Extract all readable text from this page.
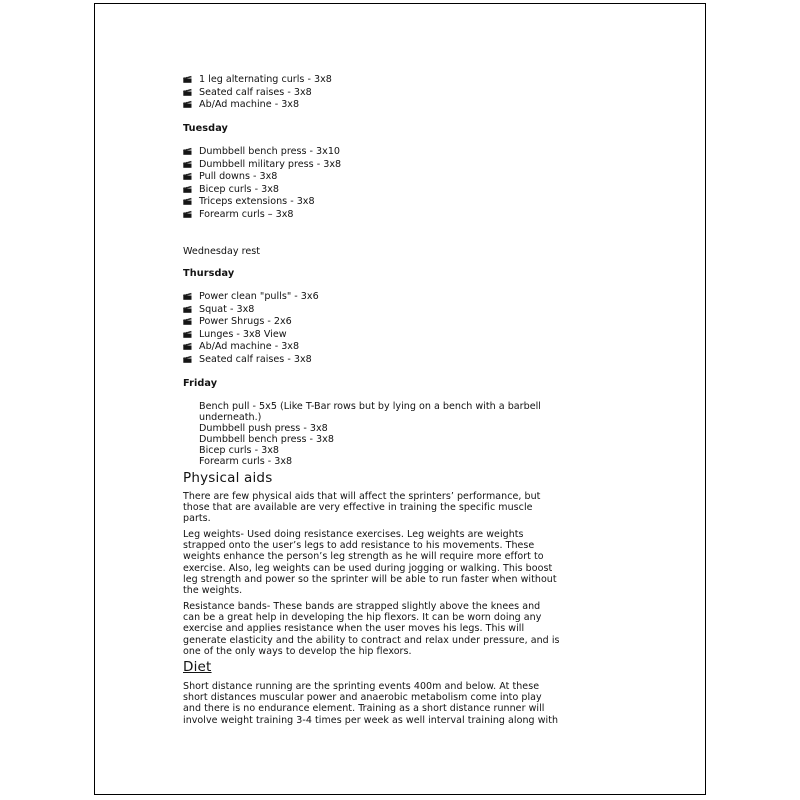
1 leg alternating curls - 3x8
Seated calf raises - 3x8
Ab/Ad machine - 3x8
Tuesday
Dumbbell bench press - 3x10
Dumbbell military press - 3x8
Pull downs - 3x8
Bicep curls - 3x8
Triceps extensions - 3x8
Forearm curls – 3x8
Wednesday rest
Thursday
Power clean "pulls" - 3x6
Squat - 3x8
Power Shrugs - 2x6
Lunges - 3x8 View
Ab/Ad machine - 3x8
Seated calf raises - 3x8
Friday
Bench pull - 5x5 (Like T-Bar rows but by lying on a bench with a barbell
underneath.)
Dumbbell push press - 3x8
Dumbbell bench press - 3x8
Bicep curls - 3x8
Forearm curls - 3x8
Physical aids
There are few physical aids that will affect the sprinters’ performance, but
those that are available are very effective in training the specific muscle
parts.
Leg weights- Used doing resistance exercises. Leg weights are weights
strapped onto the user’s legs to add resistance to his movements. These
weights enhance the person’s leg strength as he will require more effort to
exercise. Also, leg weights can be used during jogging or walking. This boost
leg strength and power so the sprinter will be able to run faster when without
the weights.
Resistance bands- These bands are strapped slightly above the knees and
can be a great help in developing the hip flexors. It can be worn doing any
exercise and applies resistance when the user moves his legs. This will
generate elasticity and the ability to contract and relax under pressure, and is
one of the only ways to develop the hip flexors.
Diet
Short distance running are the sprinting events 400m and below. At these
short distances muscular power and anaerobic metabolism come into play
and there is no endurance element. Training as a short distance runner will
involve weight training 3-4 times per week as well interval training along with
